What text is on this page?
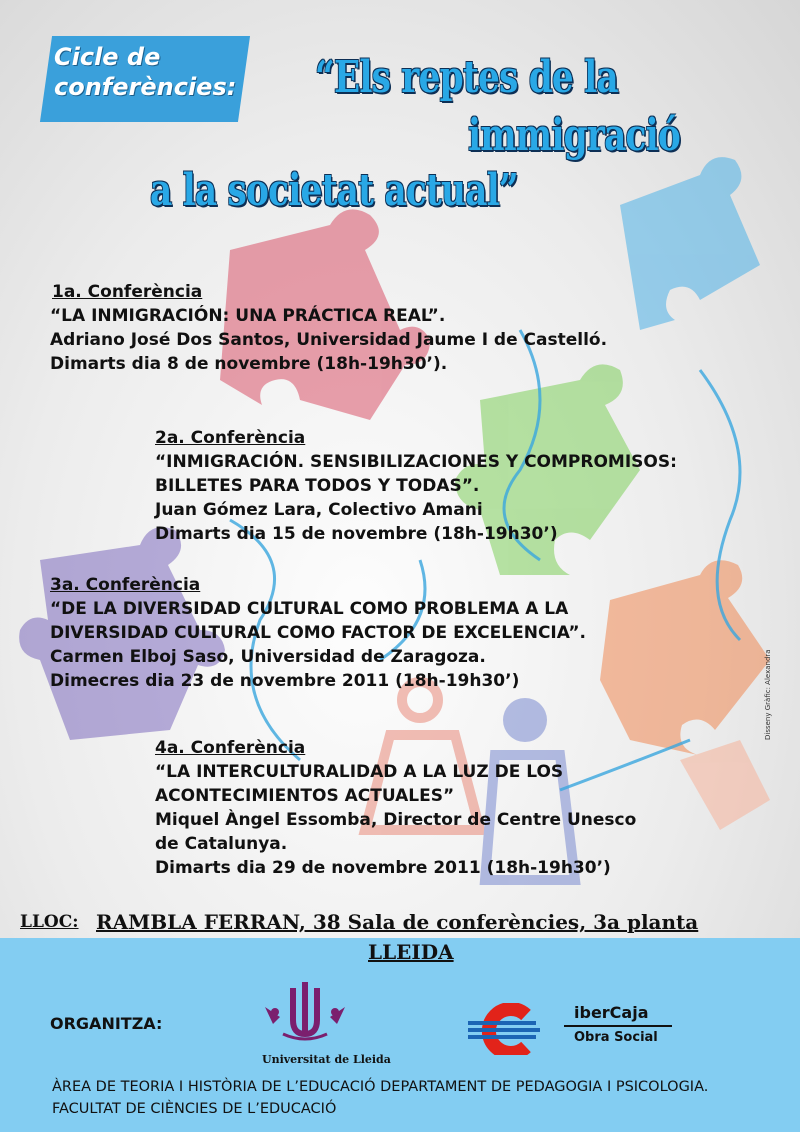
Cicle de
conferències: “Els reptes de la
immigració
a la societat actual”
1a. Conferència
“LA INMIGRACIÓN: UNA PRÁCTICA REAL”.
Adriano José Dos Santos, Universidad Jaume I de Castelló.
Dimarts dia 8 de novembre (18h-19h30’).
2a. Conferència
“INMIGRACIÓN. SENSIBILIZACIONES Y COMPROMISOS:
BILLETES PARA TODOS Y TODAS”.
Juan Gómez Lara, Colectivo Amani
Dimarts dia 15 de novembre (18h-19h30’)
3a. Conferència
“DE LA DIVERSIDAD CULTURAL COMO PROBLEMA A LA
DIVERSIDAD CULTURAL COMO FACTOR DE EXCELENCIA”.
Carmen Elboj Saso, Universidad de Zaragoza.
Dimecres dia 23 de novembre 2011 (18h-19h30’)
4a. Conferència
“LA INTERCULTURALIDAD A LA LUZ DE LOS
ACONTECIMIENTOS ACTUALES”
Miquel Àngel Essomba, Director de Centre Unesco
de Catalunya.
Dimarts dia 29 de novembre 2011 (18h-19h30’)
Disseny Gràfic: Alexandra
LLOC: RAMBLA FERRAN, 38 Sala de conferències, 3a planta
LLEIDA
ORGANITZA:
Universitat de Lleida
iberCaja
Obra Social
ÀREA DE TEORIA I HISTÒRIA DE L’EDUCACIÓ DEPARTAMENT DE PEDAGOGIA I PSICOLOGIA.
FACULTAT DE CIÈNCIES DE L’EDUCACIÓ
